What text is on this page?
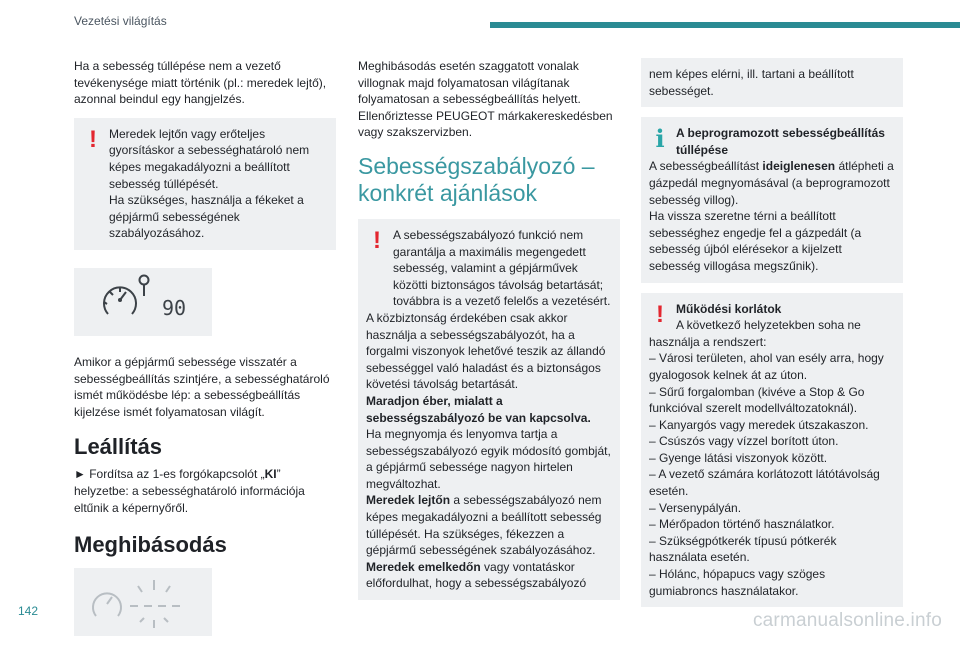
Vezetési világítás

Ha a sebesség túllépése nem a vezető tevékenysége miatt történik (pl.: meredek lejtő), azonnal beindul egy hangjelzés.

!	Meredek lejtőn vagy erőteljes gyorsításkor a sebességhatároló nem képes megakadályozni a beállított sebesség túllépését.

Ha szükséges, használja a fékeket a gépjármű sebességének szabályozásához.

90

Amikor a gépjármű sebessége visszatér a sebességbeállítás szintjére, a sebességhatároló ismét működésbe lép: a sebességbeállítás kijelzése ismét folyamatosan világít.

Leállítás

► Fordítsa az 1-es forgókapcsolót „KI” helyzetbe: a sebességhatároló információja eltűnik a képernyőről.

Meghibásodás

Meghibásodás esetén szaggatott vonalak villognak majd folyamatosan világítanak folyamatosan a sebességbeállítás helyett. Ellenőriztesse PEUGEOT márkakereskedésben vagy szakszervizben.

Sebességszabályozó – konkrét ajánlások
!	A sebességszabályozó funkció nem garantálja a maximális megengedett sebesség, valamint a gépjárművek közötti biztonságos távolság betartását; továbbra is a vezető felelős a vezetésért.

A közbiztonság érdekében csak akkor használja a sebességszabályozót, ha a forgalmi viszonyok lehetővé teszik az állandó sebességgel való haladást és a biztonságos követési távolság betartását.

Maradjon éber, mialatt a sebességszabályozó be van kapcsolva.

Ha megnyomja és lenyomva tartja a sebességszabályozó egyik módosító gombját, a gépjármű sebessége nagyon hirtelen megváltozhat.

Meredek lejtőn a sebességszabályozó nem képes megakadályozni a beállított sebesség túllépését. Ha szükséges, fékezzen a gépjármű sebességének szabályozásához.

Meredek emelkedőn vagy vontatáskor előfordulhat, hogy a sebességszabályozó

nem képes elérni, ill. tartani a beállított sebességet.

i A beprogramozott sebességbeállítás túllépése

A sebességbeállítást ideiglenesen átlépheti a gázpedál megnyomásával (a beprogramozott sebesség villog).

Ha vissza szeretne térni a beállított sebességhez engedje fel a gázpedált (a sebesség újból elérésekor a kijelzett sebesség villogása megszűnik).

!	Működési korlátok

A következő helyzetekben soha ne használja a rendszert:

– Városi területen, ahol van esély arra, hogy gyalogosok kelnek át az úton.

– Sűrű forgalomban (kivéve a Stop & Go funkcióval szerelt modellváltozatoknál).

– Kanyargós vagy meredek útszakaszon.

– Csúszós vagy vízzel borított úton.

– Gyenge látási viszonyok között.

– A vezető számára korlátozott látótávolság esetén.

– Versenypályán.

– Mérőpadon történő használatkor.

– Szükségpótkerék típusú pótkerék használata esetén.

– Hólánc, hópapucs vagy szöges gumiabroncs használatakor.

142	carmanualsonline.info
